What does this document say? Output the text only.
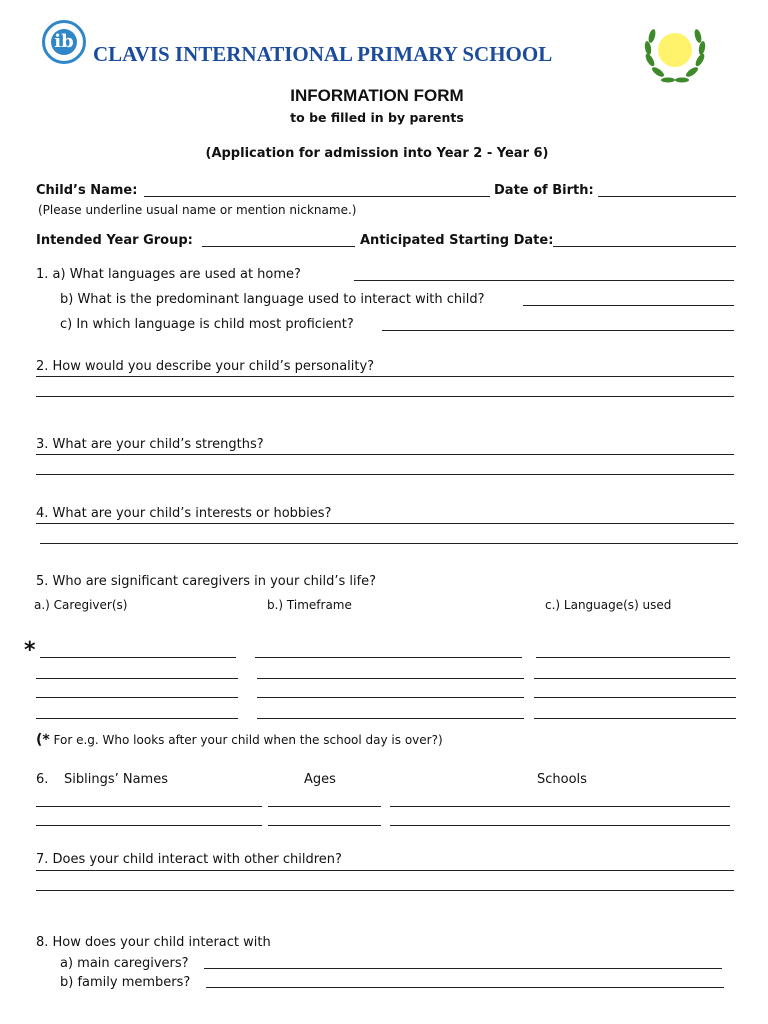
ib
CLAVIS INTERNATIONAL PRIMARY SCHOOL
INFORMATION FORM
to be filled in by parents
(Application for admission into Year 2 - Year 6)
Child’s Name:	Date of Birth:
(Please underline usual name or mention nickname.)
Intended Year Group:	Anticipated Starting Date:
1. a) What languages are used at home?
b) What is the predominant language used to interact with child?
c) In which language is child most proficient?
2. How would you describe your child’s personality?
3. What are your child’s strengths?
4. What are your child’s interests or hobbies?
5. Who are significant caregivers in your child’s life?
a.) Caregiver(s)	b.) Timeframe	c.) Language(s) used
*
(* For e.g. Who looks after your child when the school day is over?)
6. Siblings’ Names	Ages	Schools
7. Does your child interact with other children?
8. How does your child interact with
a) main caregivers?
b) family members?
